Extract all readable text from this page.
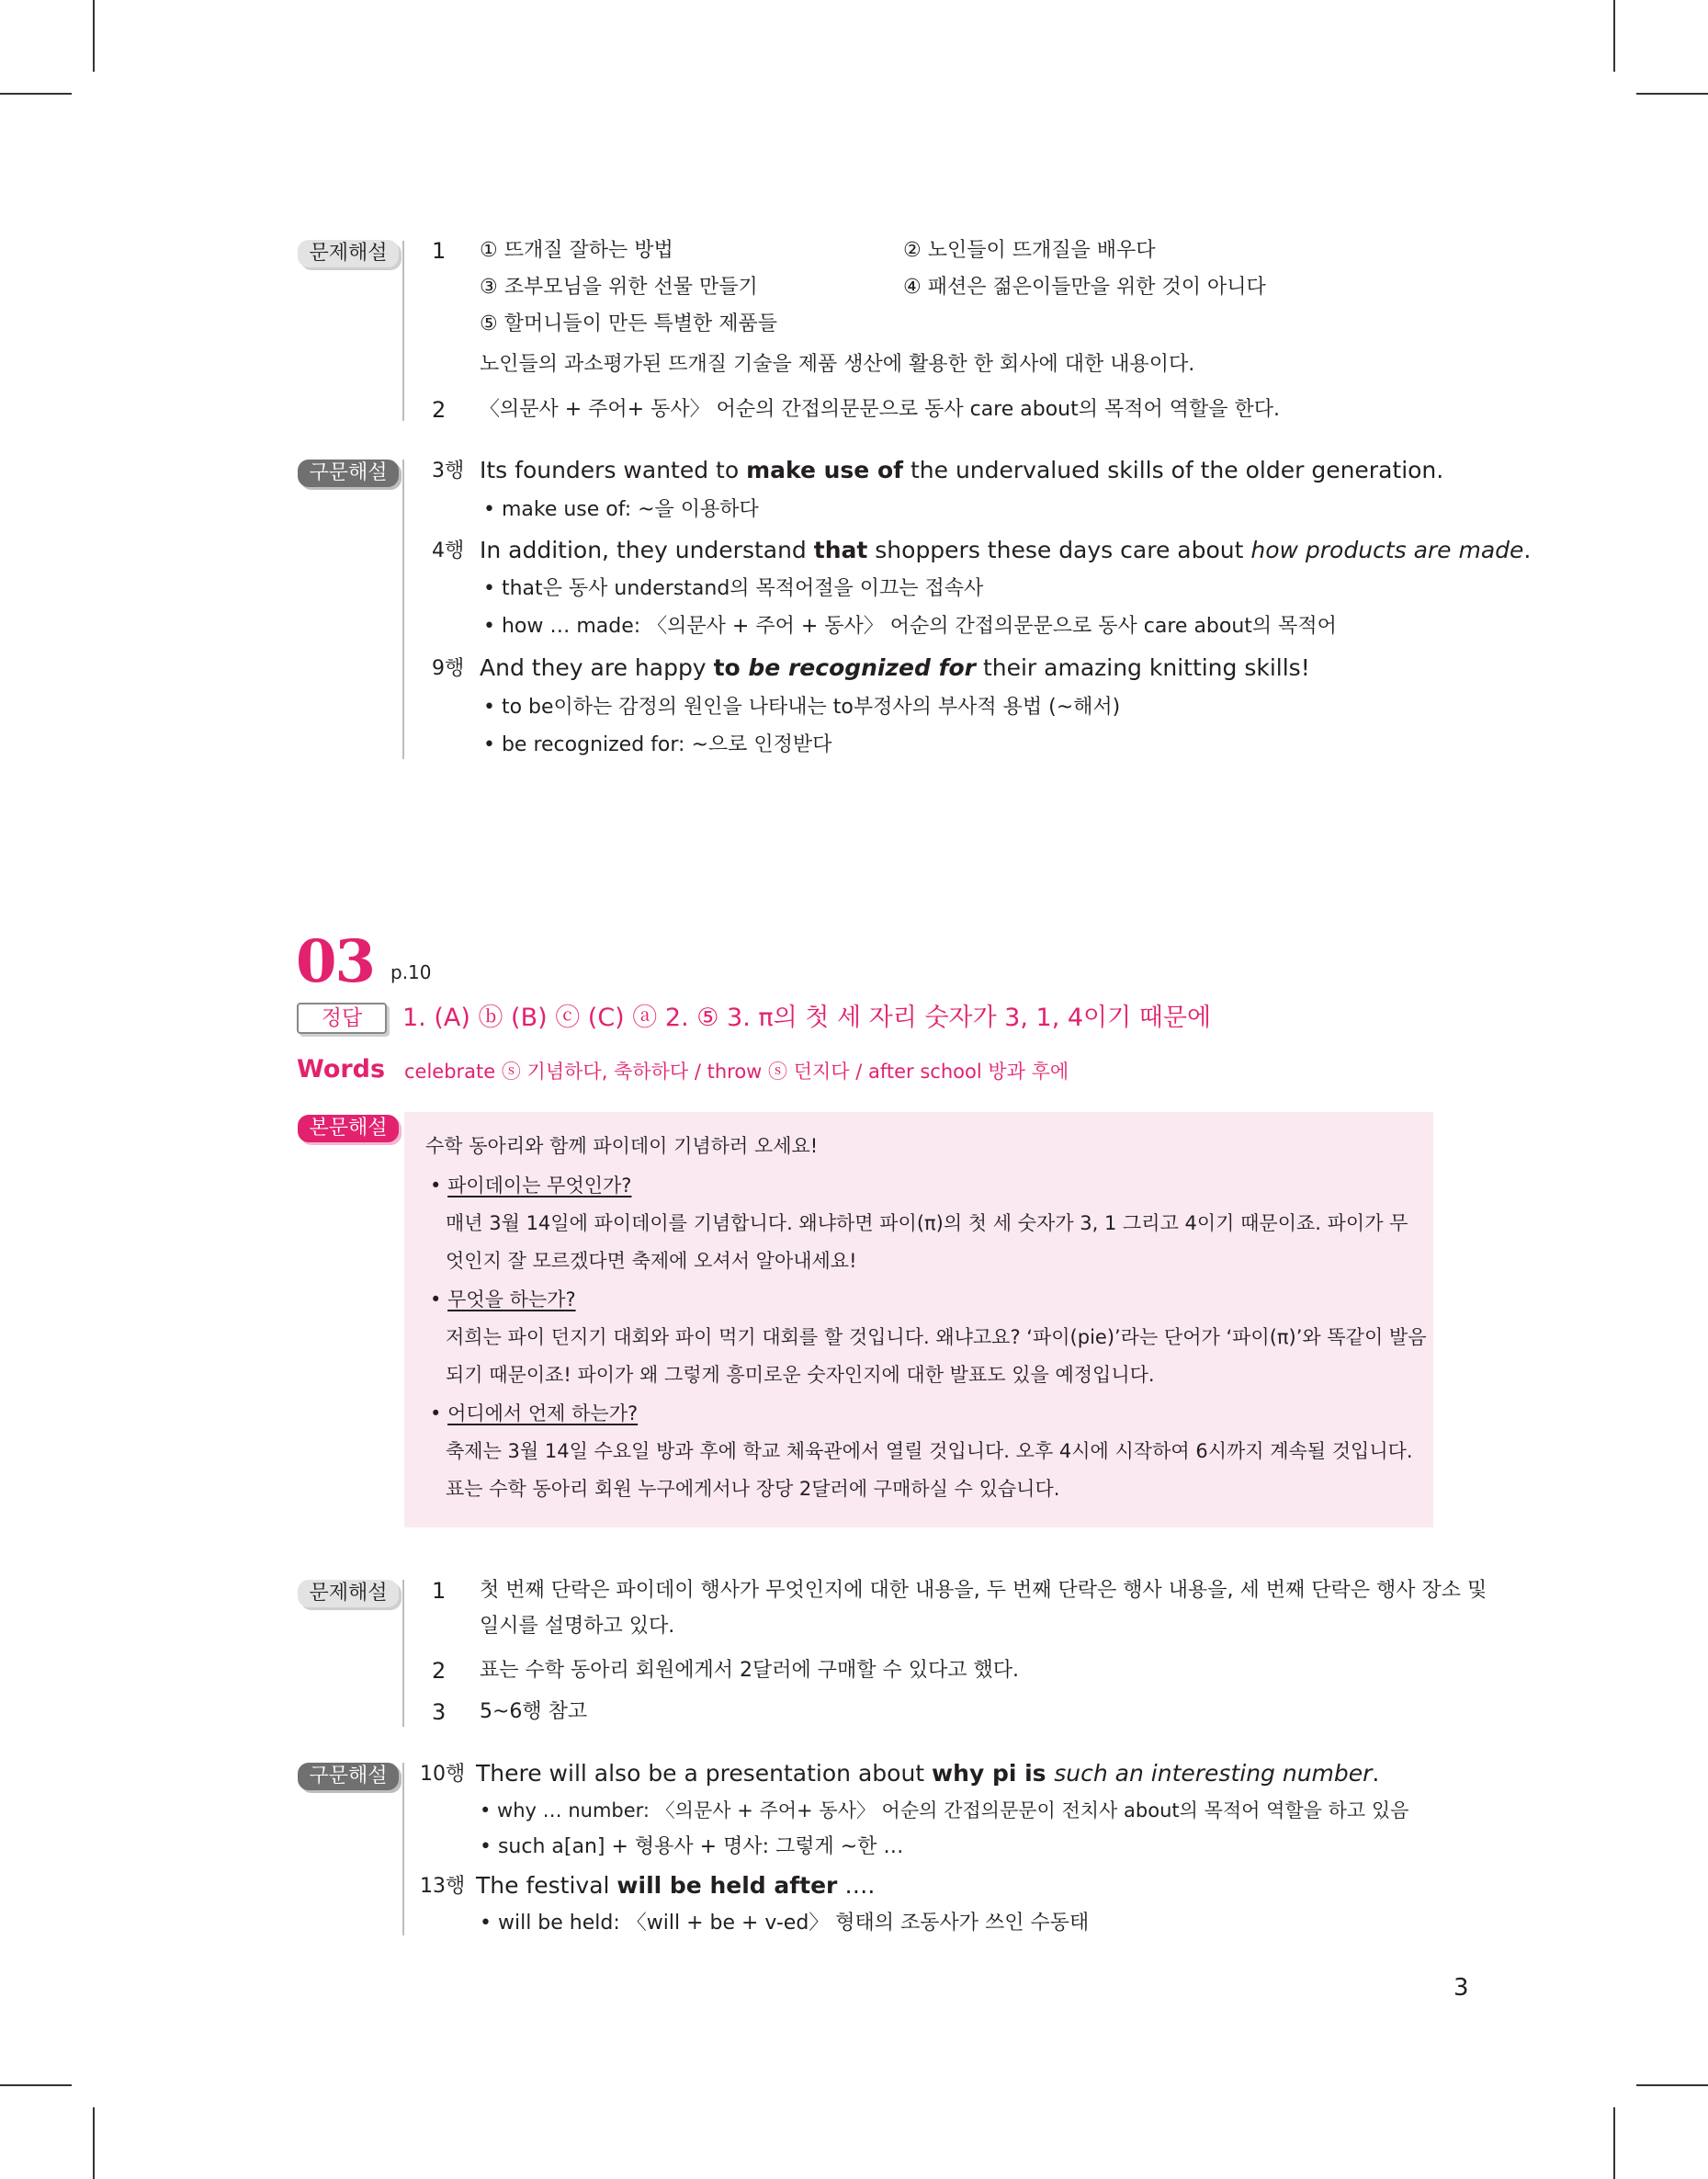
문제해설	1 ① 뜨개질 잘하는 방법	② 노인들이 뜨개질을 배우다
③ 조부모님을 위한 선물 만들기	④ 패션은 젊은이들만을 위한 것이 아니다
⑤ 할머니들이 만든 특별한 제품들
노인들의 과소평가된 뜨개질 기술을 제품 생산에 활용한 한 회사에 대한 내용이다.
2 〈의문사 + 주어+ 동사〉 어순의 간접의문문으로 동사 care about의 목적어 역할을 한다.
구문해설	3행 Its founders wanted to make use of the undervalued skills of the older generation.
• make use of: ~을 이용하다
4행 In addition, they understand that shoppers these days care about how products are made.
• that은 동사 understand의 목적어절을 이끄는 접속사
• how … made: 〈의문사 + 주어 + 동사〉 어순의 간접의문문으로 동사 care about의 목적어
9행 And they are happy to be recognized for their amazing knitting skills!
• to be이하는 감정의 원인을 나타내는 to부정사의 부사적 용법 (~해서)
• be recognized for: ~으로 인정받다
03 p.10
정답	1. (A) ⓑ (B) ⓒ (C) ⓐ 2. ⑤ 3. π의 첫 세 자리 숫자가 3, 1, 4이기 때문에
Words celebrate ⓢ 기념하다, 축하하다 / throw ⓢ 던지다 / after school 방과 후에
본문해설
수학 동아리와 함께 파이데이 기념하러 오세요!
• 파이데이는 무엇인가?
매년 3월 14일에 파이데이를 기념합니다. 왜냐하면 파이(π)의 첫 세 숫자가 3, 1 그리고 4이기 때문이죠. 파이가 무
엇인지 잘 모르겠다면 축제에 오셔서 알아내세요!
• 무엇을 하는가?
저희는 파이 던지기 대회와 파이 먹기 대회를 할 것입니다. 왜냐고요? ‘파이(pie)’라는 단어가 ‘파이(π)’와 똑같이 발음
되기 때문이죠! 파이가 왜 그렇게 흥미로운 숫자인지에 대한 발표도 있을 예정입니다.
• 어디에서 언제 하는가?
축제는 3월 14일 수요일 방과 후에 학교 체육관에서 열릴 것입니다. 오후 4시에 시작하여 6시까지 계속될 것입니다.
표는 수학 동아리 회원 누구에게서나 장당 2달러에 구매하실 수 있습니다.
문제해설	1 첫 번째 단락은 파이데이 행사가 무엇인지에 대한 내용을, 두 번째 단락은 행사 내용을, 세 번째 단락은 행사 장소 및
일시를 설명하고 있다.
2 표는 수학 동아리 회원에게서 2달러에 구매할 수 있다고 했다.
3 5~6행 참고
구문해설	10행 There will also be a presentation about why pi is such an interesting number.
• why … number: 〈의문사 + 주어+ 동사〉 어순의 간접의문문이 전치사 about의 목적어 역할을 하고 있음
• such a[an] + 형용사 + 명사: 그렇게 ~한 …
13행 The festival will be held after ….
• will be held: 〈will + be + v-ed〉 형태의 조동사가 쓰인 수동태
3
